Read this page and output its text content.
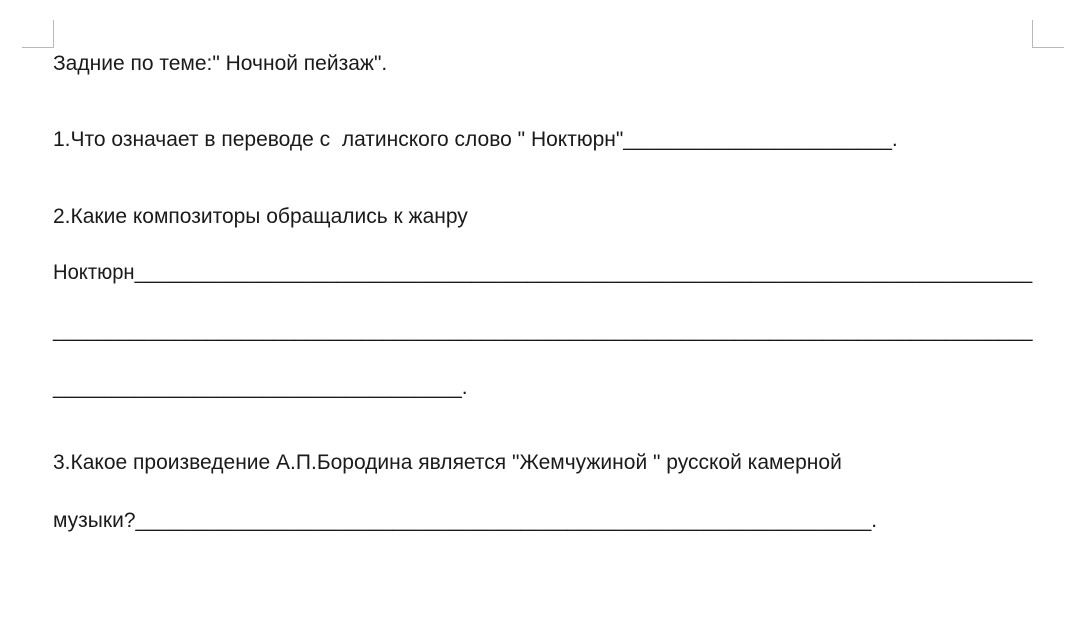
Задние по теме:" Ночной пейзаж".

1.Что означает в переводе с  латинского слово " Ноктюрн"_______________________.

2.Какие композиторы обращались к жанру

Ноктюрн________________________________________________________________________________

_________________________________________________________________________________________

___________________________________.

3.Какое произведение А.П.Бородина является "Жемчужиной " русской камерной

музыки?_______________________________________________________________.
